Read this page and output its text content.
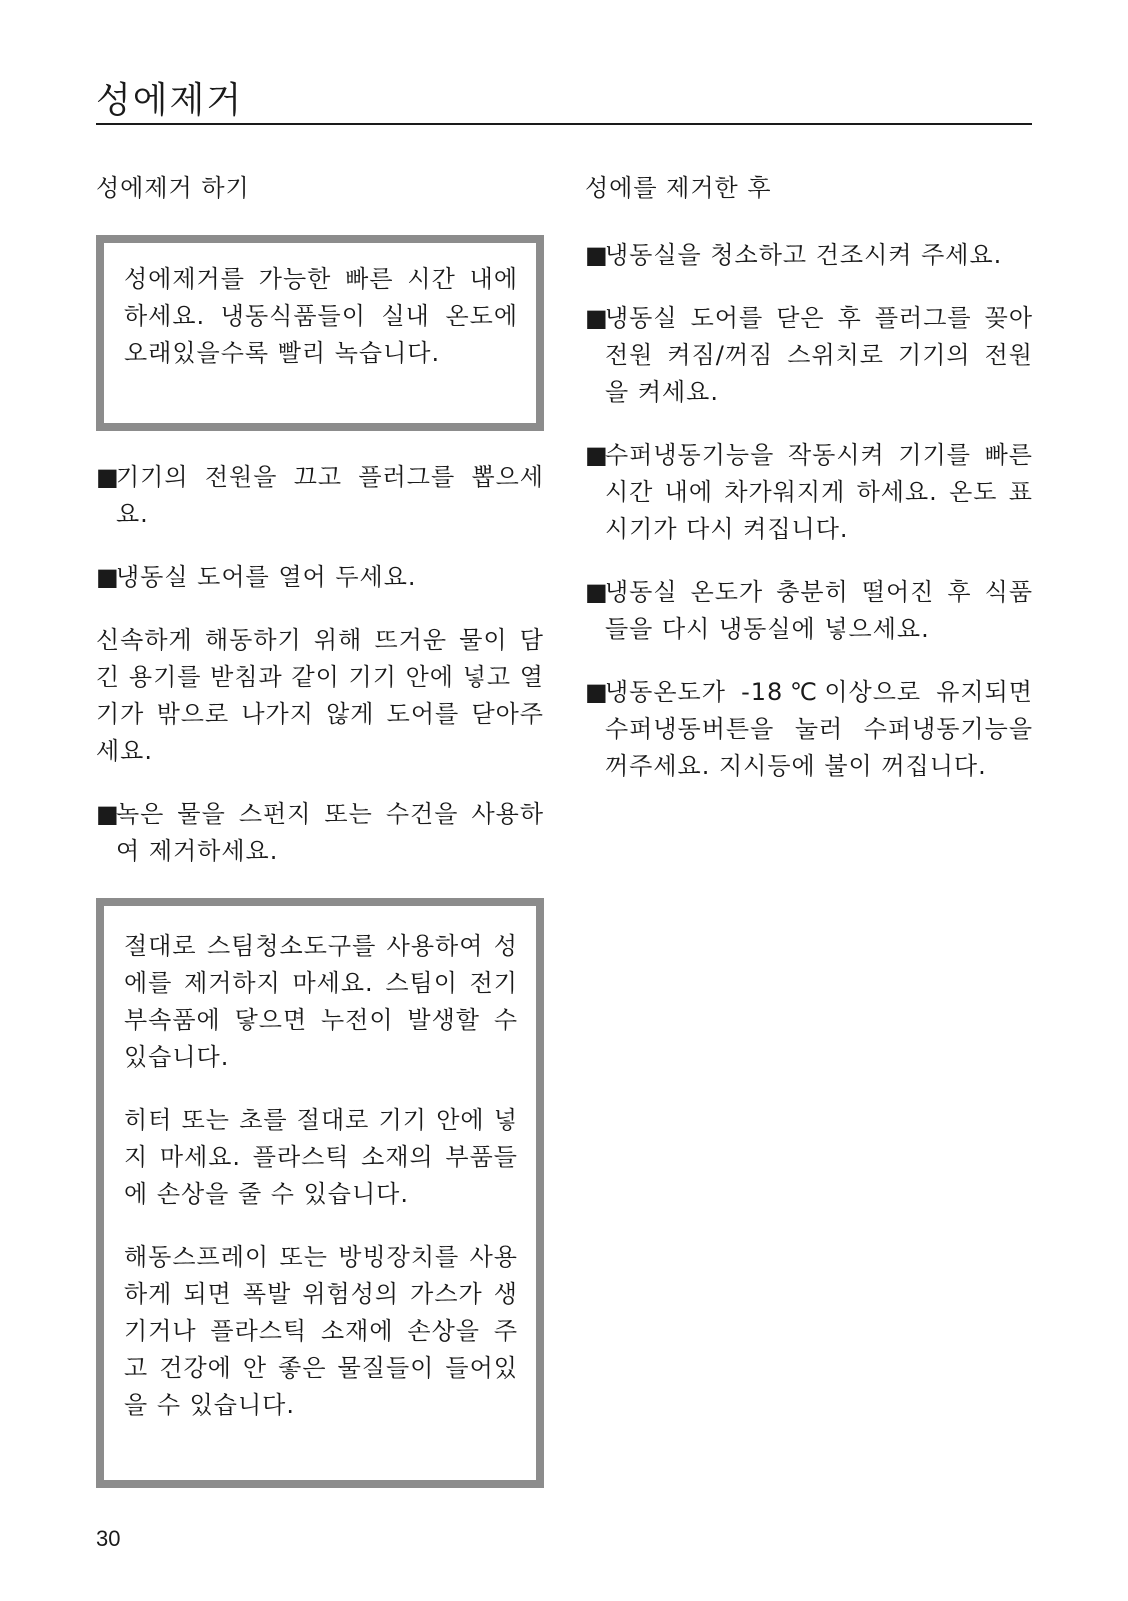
성에제거
성에제거 하기

성에제거를 가능한 빠른 시간 내에 하세요. 냉동식품들이 실내 온도에 오래있을수록 빨리 녹습니다.

■
기기의 전원을 끄고 플러그를 뽑으세요.
■
냉동실 도어를 열어 두세요.

신속하게 해동하기 위해 뜨거운 물이 담긴 용기를 받침과 같이 기기 안에 넣고 열기가 밖으로 나가지 않게 도어를 닫아주세요.

■
녹은 물을 스펀지 또는 수건을 사용하여 제거하세요.

절대로 스팀청소도구를 사용하여 성에를 제거하지 마세요. 스팀이 전기부속품에 닿으면 누전이 발생할 수 있습니다.

히터 또는 초를 절대로 기기 안에 넣지 마세요. 플라스틱 소재의 부품들에 손상을 줄 수 있습니다.

해동스프레이 또는 방빙장치를 사용하게 되면 폭발 위험성의 가스가 생기거나 플라스틱 소재에 손상을 주고 건강에 안 좋은 물질들이 들어있을 수 있습니다.

성에를 제거한 후
■
냉동실을 청소하고 건조시켜 주세요.
■
냉동실 도어를 닫은 후 플러그를 꽂아 전원 켜짐/꺼짐 스위치로 기기의 전원을 켜세요.
■
수퍼냉동기능을 작동시켜 기기를 빠른 시간 내에 차가워지게 하세요. 온도 표시기가 다시 켜집니다.
■
냉동실 온도가 충분히 떨어진 후 식품들을 다시 냉동실에 넣으세요.
■
냉동온도가 -18℃이상으로 유지되면 수퍼냉동버튼을 눌러 수퍼냉동기능을 꺼주세요. 지시등에 불이 꺼집니다.
30
